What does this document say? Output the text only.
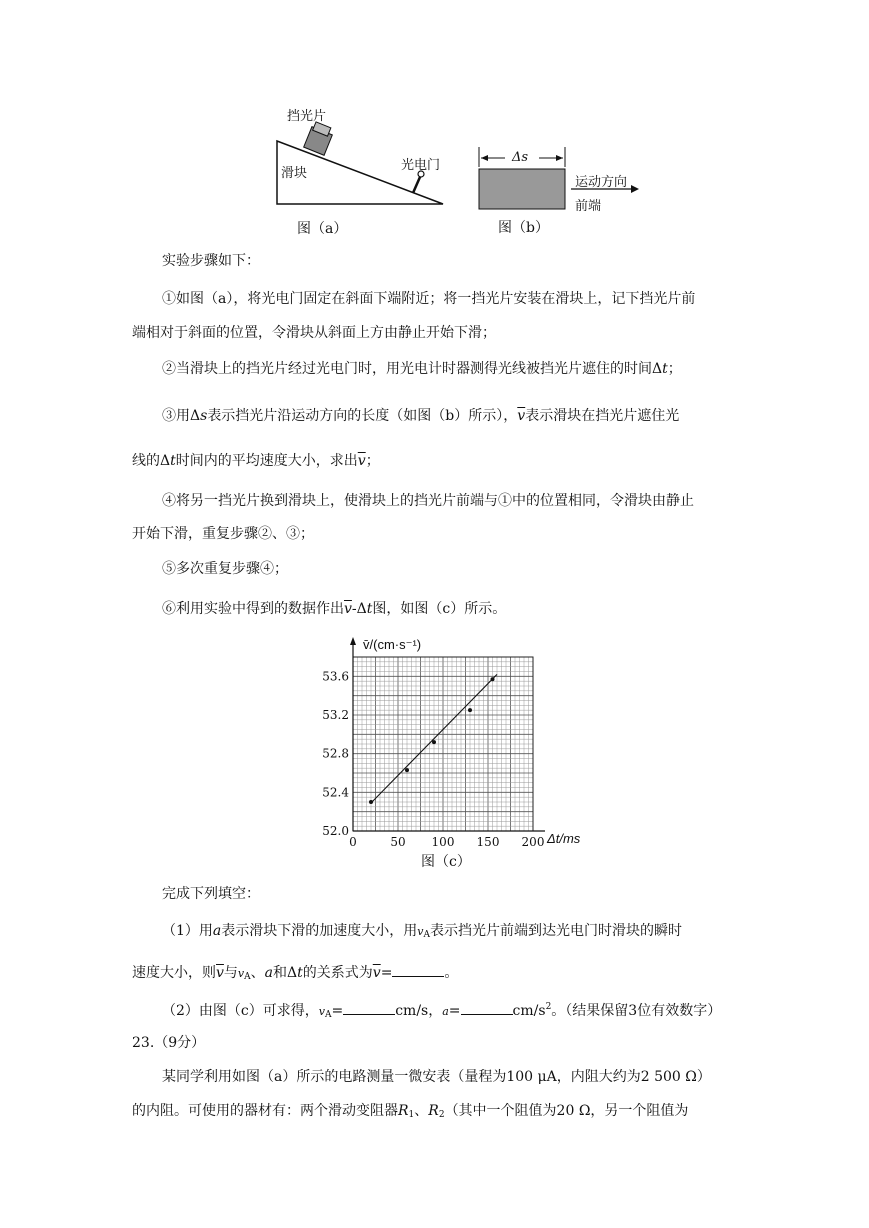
挡光片
滑块
光电门
图（a）
Δs
运动方向
前端
图（b）
实验步骤如下：
①如图（a），将光电门固定在斜面下端附近；将一挡光片安装在滑块上，记下挡光片前
端相对于斜面的位置，令滑块从斜面上方由静止开始下滑；
②当滑块上的挡光片经过光电门时，用光电计时器测得光线被挡光片遮住的时间Δt；
③用Δs表示挡光片沿运动方向的长度（如图（b）所示），$\overline{v}$表示滑块在挡光片遮住光
线的Δt时间内的平均速度大小，求出$\overline{v}$；
④将另一挡光片换到滑块上，使滑块上的挡光片前端与①中的位置相同，令滑块由静止
开始下滑，重复步骤②、③；
⑤多次重复步骤④；
⑥利用实验中得到的数据作出$\overline{v}-\Delta t$图，如图（c）所示。
0	50 100 150 200
52.0
52.4
52.8
53.2
53.6
v̄/(cm·s⁻¹)
Δt/ms
图（c）
完成下列填空：
（1）用a表示滑块下滑的加速度大小，用$v_A$表示挡光片前端到达光电门时滑块的瞬时
速度大小，则$\overline{v}$与$v_A$、a和Δt的关系式为$\overline{v}=$	。
（2）由图（c）可求得，$v_A=$	cm/s，a=	$cm/s^2$。（结果保留3位有效数字）
23.（9分）
某同学利用如图（a）所示的电路测量一微安表（量程为100 μA，内阻大约为2 500 Ω）
的内阻。可使用的器材有：两个滑动变阻器$R_1$、$R_2$（其中一个阻值为20 Ω，另一个阻值为
